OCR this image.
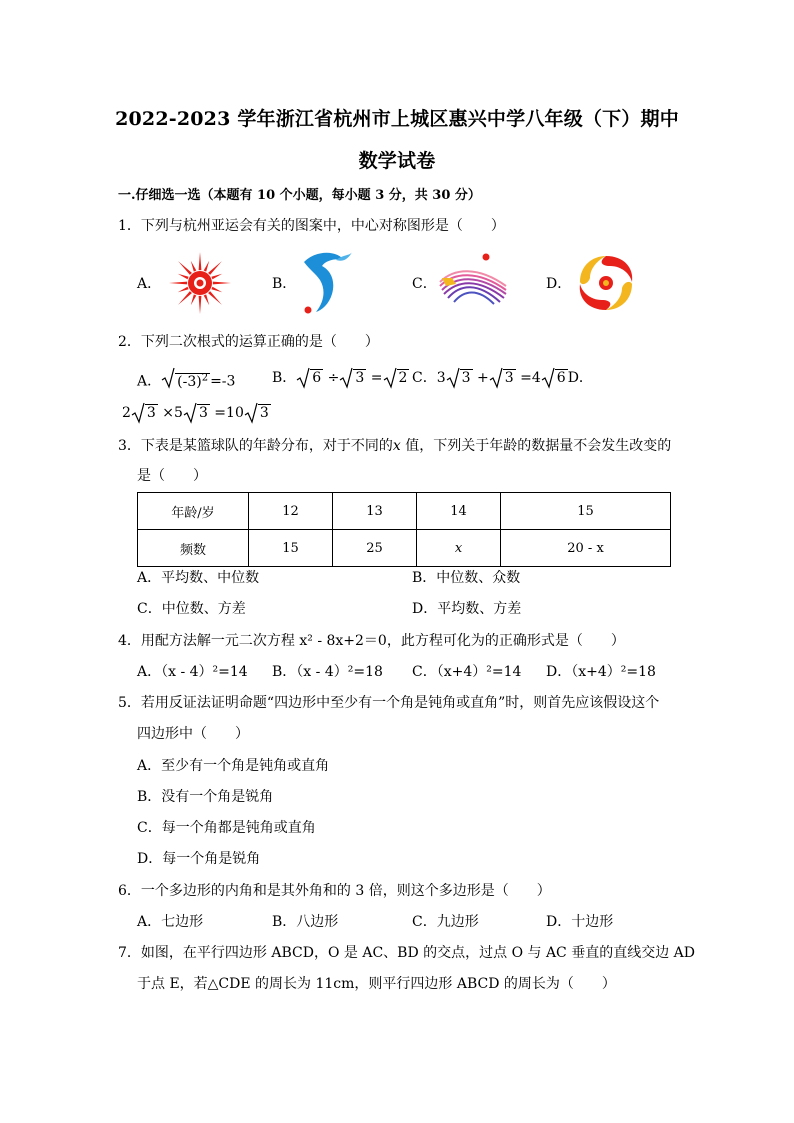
2022-2023 学年浙江省杭州市上城区惠兴中学八年级（下）期中
数学试卷
一.仔细选一选（本题有 10 个小题，每小题 3 分，共 30 分）
1．下列与杭州亚运会有关的图案中，中心对称图形是（　　）
A．	B．	C．	D．
2．下列二次根式的运算正确的是（　　）
A． $(-3)^2 =-3$	B． 6 ÷ 3 = 2 C．3 3 + 3 =4 6 D．
2 3 ×5 3 =10 3
3．下表是某篮球队的年龄分布，对于不同的x 值，下列关于年龄的数据量不会发生改变的
是（　　）
年龄/岁	12	13	14	15
频数	15	25	x	20 - x
A．平均数、中位数	B．中位数、众数
C．中位数、方差	D．平均数、方差
4．用配方法解一元二次方程 x² - 8x+2＝0，此方程可化为的正确形式是（　　）
A．（x - 4）²=14 B．（x - 4）²=18 C．（x+4）²=14 D．（x+4）²=18
5．若用反证法证明命题“四边形中至少有一个角是钝角或直角”时，则首先应该假设这个
四边形中（　　）
A．至少有一个角是钝角或直角
B．没有一个角是锐角
C．每一个角都是钝角或直角
D．每一个角是锐角
6．一个多边形的内角和是其外角和的 3 倍，则这个多边形是（　　）
A．七边形	B．八边形	C．九边形	D．十边形
7．如图，在平行四边形 ABCD，O 是 AC、BD 的交点，过点 O 与 AC 垂直的直线交边 AD
于点 E，若△CDE 的周长为 11cm，则平行四边形 ABCD 的周长为（　　）
